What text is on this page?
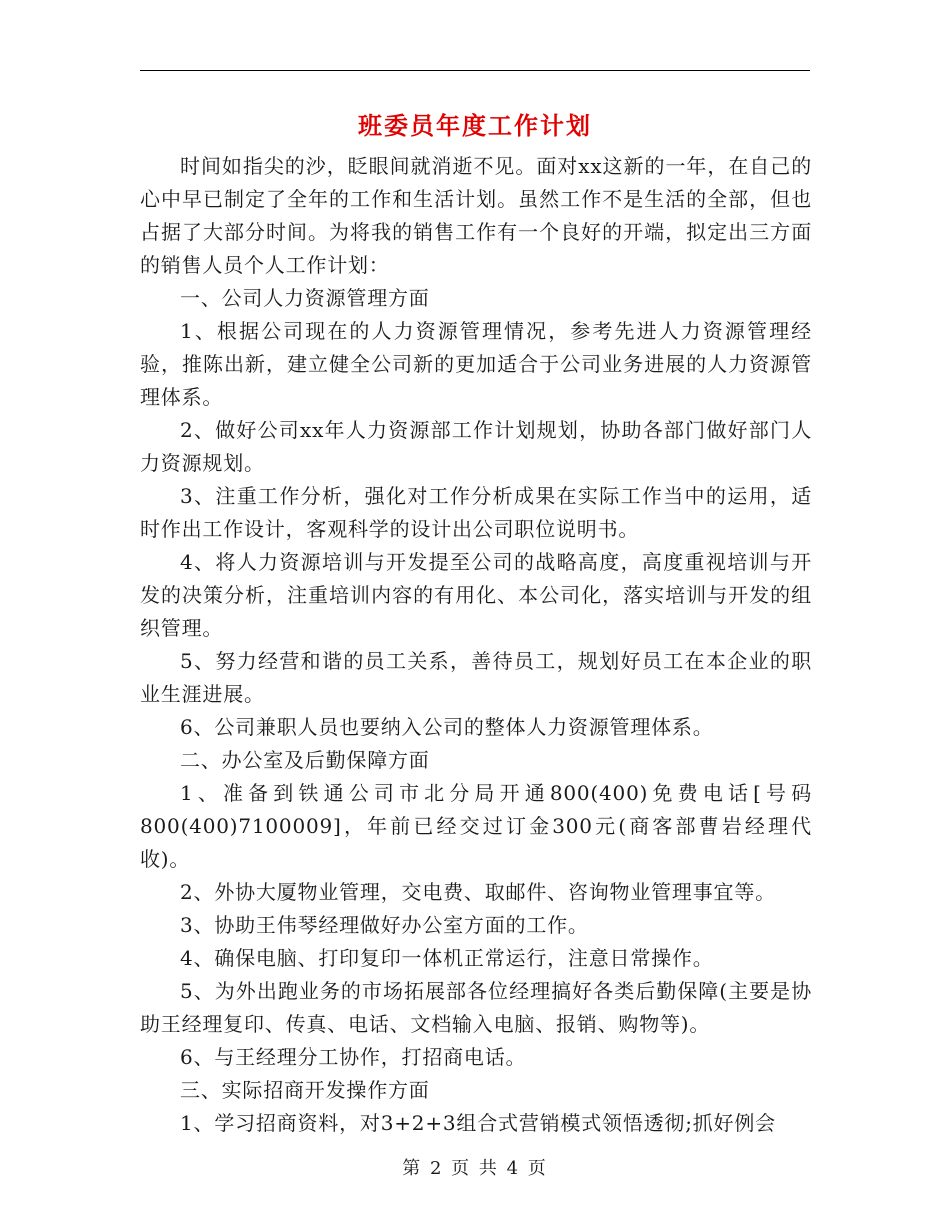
班委员年度工作计划

时间如指尖的沙，眨眼间就消逝不见。面对xx这新的一年，在自己的心中早已制定了全年的工作和生活计划。虽然工作不是生活的全部，但也占据了大部分时间。为将我的销售工作有一个良好的开端，拟定出三方面的销售人员个人工作计划：

一、公司人力资源管理方面

1、根据公司现在的人力资源管理情况，参考先进人力资源管理经验，推陈出新，建立健全公司新的更加适合于公司业务进展的人力资源管理体系。

2、做好公司xx年人力资源部工作计划规划，协助各部门做好部门人力资源规划。

3、注重工作分析，强化对工作分析成果在实际工作当中的运用，适时作出工作设计，客观科学的设计出公司职位说明书。

4、将人力资源培训与开发提至公司的战略高度，高度重视培训与开发的决策分析，注重培训内容的有用化、本公司化，落实培训与开发的组织管理。

5、努力经营和谐的员工关系，善待员工，规划好员工在本企业的职业生涯进展。

6、公司兼职人员也要纳入公司的整体人力资源管理体系。

二、办公室及后勤保障方面

1、准备到铁通公司市北分局开通800(400)免费电话[号码800(400)7100009]，年前已经交过订金300元(商客部曹岩经理代收)。

2、外协大厦物业管理，交电费、取邮件、咨询物业管理事宜等。

3、协助王伟琴经理做好办公室方面的工作。

4、确保电脑、打印复印一体机正常运行，注意日常操作。

5、为外出跑业务的市场拓展部各位经理搞好各类后勤保障(主要是协助王经理复印、传真、电话、文档输入电脑、报销、购物等)。

6、与王经理分工协作，打招商电话。

三、实际招商开发操作方面

1、学习招商资料，对3+2+3组合式营销模式领悟透彻;抓好例会

第 2 页 共 4 页
